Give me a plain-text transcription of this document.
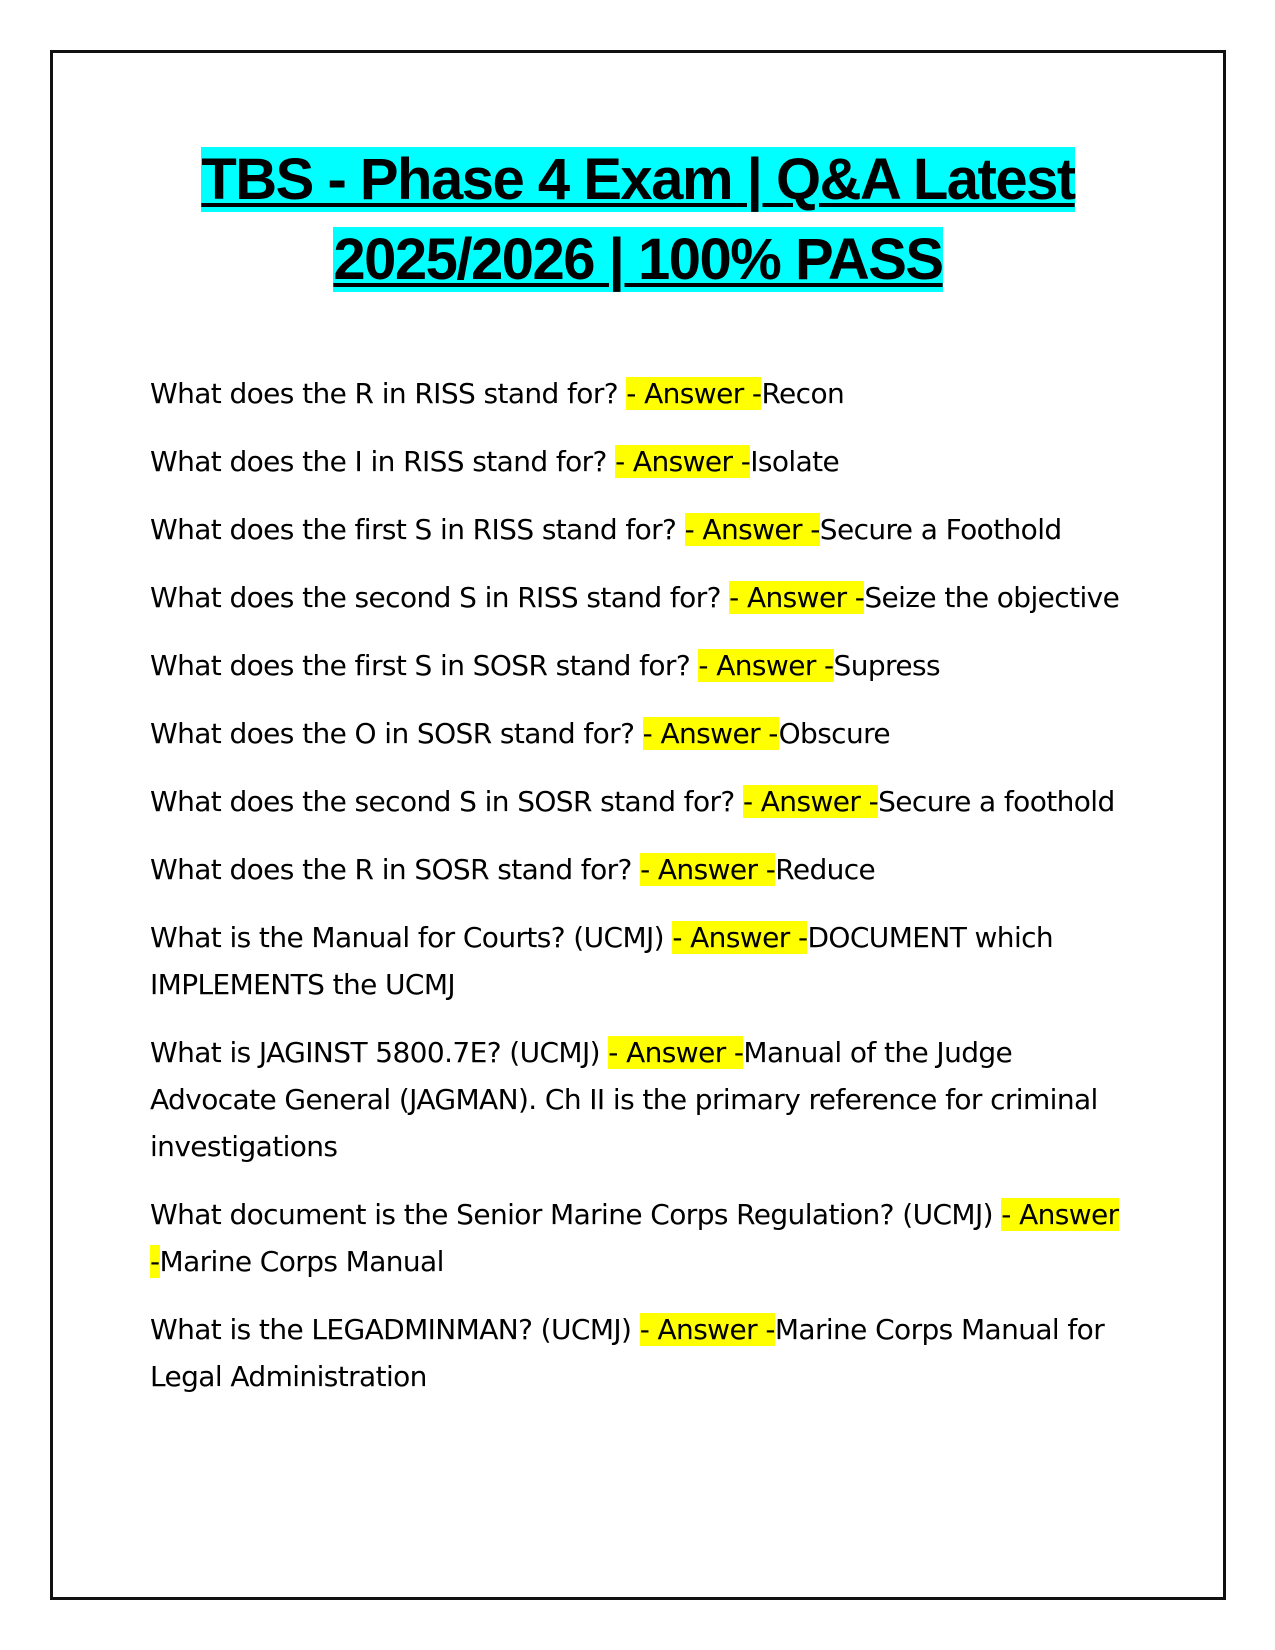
TBS - Phase 4 Exam | Q&A Latest 2025/2026 | 100% PASS
What does the R in RISS stand for? - Answer -Recon
What does the I in RISS stand for? - Answer -Isolate
What does the first S in RISS stand for? - Answer -Secure a Foothold
What does the second S in RISS stand for? - Answer -Seize the objective
What does the first S in SOSR stand for? - Answer -Supress
What does the O in SOSR stand for? - Answer -Obscure
What does the second S in SOSR stand for? - Answer -Secure a foothold
What does the R in SOSR stand for? - Answer -Reduce
What is the Manual for Courts? (UCMJ) - Answer -DOCUMENT which IMPLEMENTS the UCMJ
What is JAGINST 5800.7E? (UCMJ) - Answer -Manual of the Judge Advocate General (JAGMAN). Ch II is the primary reference for criminal investigations
What document is the Senior Marine Corps Regulation? (UCMJ) - Answer -Marine Corps Manual
What is the LEGADMINMAN? (UCMJ) - Answer -Marine Corps Manual for Legal Administration
